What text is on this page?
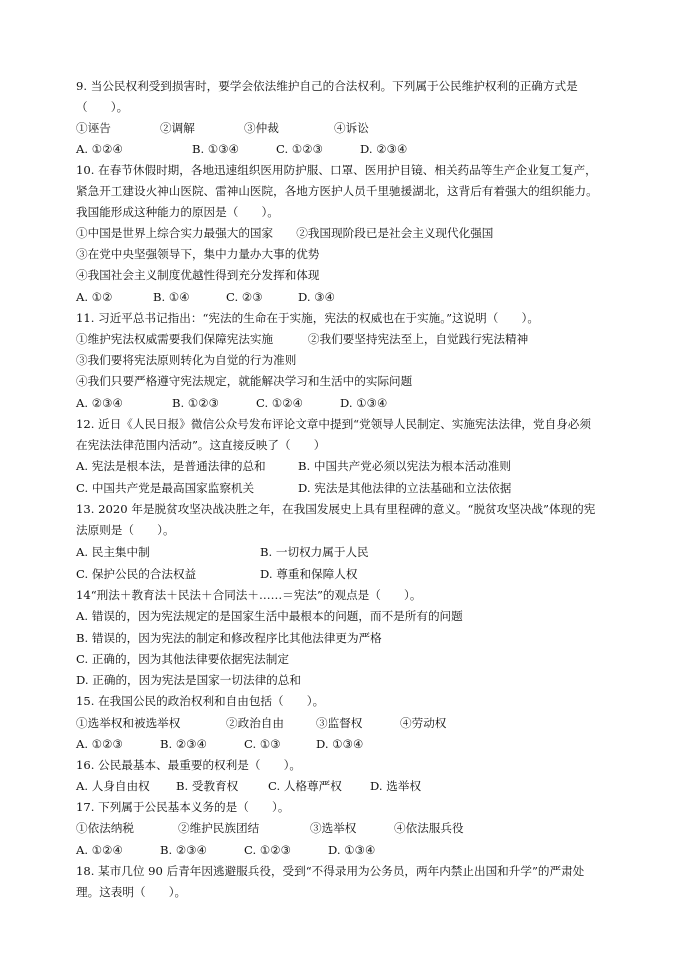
9. 当公民权利受到损害时，要学会依法维护自己的合法权利。下列属于公民维护权利的正确方式是
（　　）。
①诬告	②调解	③仲裁	④诉讼
A. ①②④	B. ①③④	C. ①②③	D. ②③④
10. 在春节休假时期，各地迅速组织医用防护服、口罩、医用护目镜、相关药品等生产企业复工复产，
紧急开工建设火神山医院、雷神山医院，各地方医护人员千里驰援湖北，这背后有着强大的组织能力。
我国能形成这种能力的原因是（　　）。
①中国是世界上综合实力最强大的国家　　②我国现阶段已是社会主义现代化强国
③在党中央坚强领导下，集中力量办大事的优势
④我国社会主义制度优越性得到充分发挥和体现
A. ①②	B. ①④	C. ②③	D. ③④
11. 习近平总书记指出：“宪法的生命在于实施，宪法的权威也在于实施。”这说明（　　）。
①维护宪法权威需要我们保障宪法实施　　　②我们要坚持宪法至上，自觉践行宪法精神
③我们要将宪法原则转化为自觉的行为准则
④我们只要严格遵守宪法规定，就能解决学习和生活中的实际问题
A. ②③④	B. ①②③	C. ①②④	D. ①③④
12. 近日《人民日报》微信公众号发布评论文章中提到“党领导人民制定、实施宪法法律，党自身必须
在宪法法律范围内活动”。这直接反映了（　　）
A. 宪法是根本法，是普通法律的总和	B. 中国共产党必须以宪法为根本活动准则
C. 中国共产党是最高国家监察机关	D. 宪法是其他法律的立法基础和立法依据
13. 2020 年是脱贫攻坚决战决胜之年，在我国发展史上具有里程碑的意义。“脱贫攻坚决战”体现的宪
法原则是（　　）。
A. 民主集中制	B. 一切权力属于人民
C. 保护公民的合法权益	D. 尊重和保障人权
14“刑法＋教育法＋民法＋合同法＋……＝宪法”的观点是（　　）。
A. 错误的，因为宪法规定的是国家生活中最根本的问题，而不是所有的问题
B. 错误的，因为宪法的制定和修改程序比其他法律更为严格
C. 正确的，因为其他法律要依据宪法制定
D. 正确的，因为宪法是国家一切法律的总和
15. 在我国公民的政治权利和自由包括（　　）。
①选举权和被选举权	②政治自由	③监督权	④劳动权
A. ①②③	B. ②③④	C. ①③	D. ①③④
16. 公民最基本、最重要的权利是（　　）。
A. 人身自由权 B. 受教育权	C. 人格尊严权 D. 选举权
17. 下列属于公民基本义务的是（　　）。
①依法纳税	②维护民族团结	③选举权	④依法服兵役
A. ①②④	B. ②③④	C. ①②③	D. ①③④
18. 某市几位 90 后青年因逃避服兵役，受到“不得录用为公务员，两年内禁止出国和升学”的严肃处
理。这表明（　　）。
